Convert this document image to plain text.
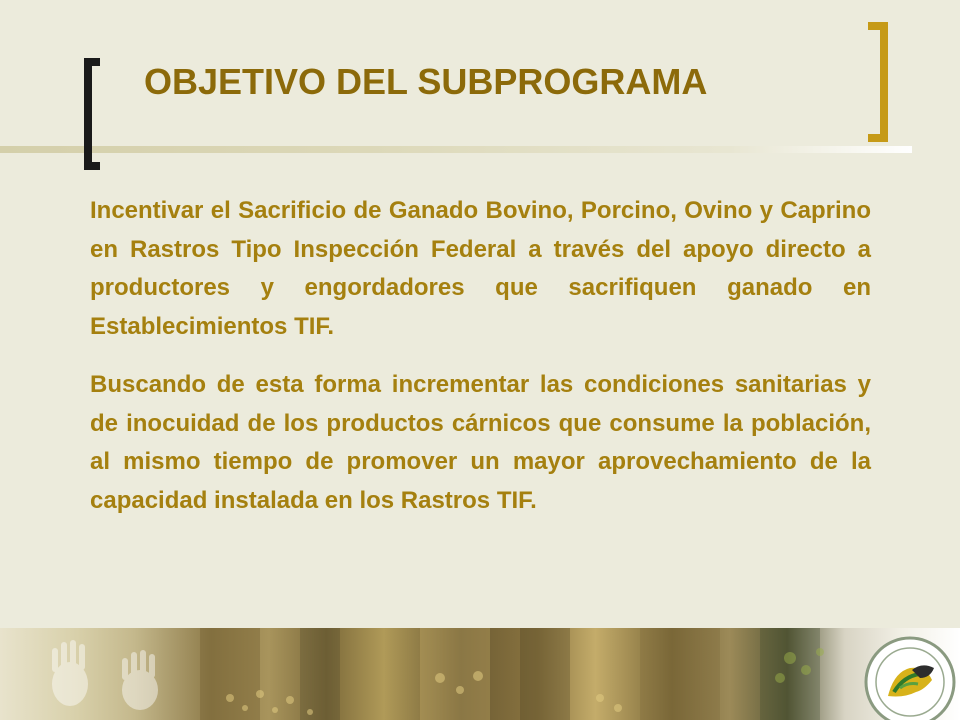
OBJETIVO DEL SUBPROGRAMA

Incentivar el Sacrificio de Ganado Bovino, Porcino, Ovino y Caprino en Rastros Tipo Inspección Federal a través del apoyo directo a productores y engordadores que sacrifiquen ganado en Establecimientos TIF.

Buscando de esta forma incrementar las condiciones sanitarias y de inocuidad de los productos cárnicos que consume la población, al mismo tiempo de promover un mayor aprovechamiento de la capacidad instalada en los Rastros TIF.
